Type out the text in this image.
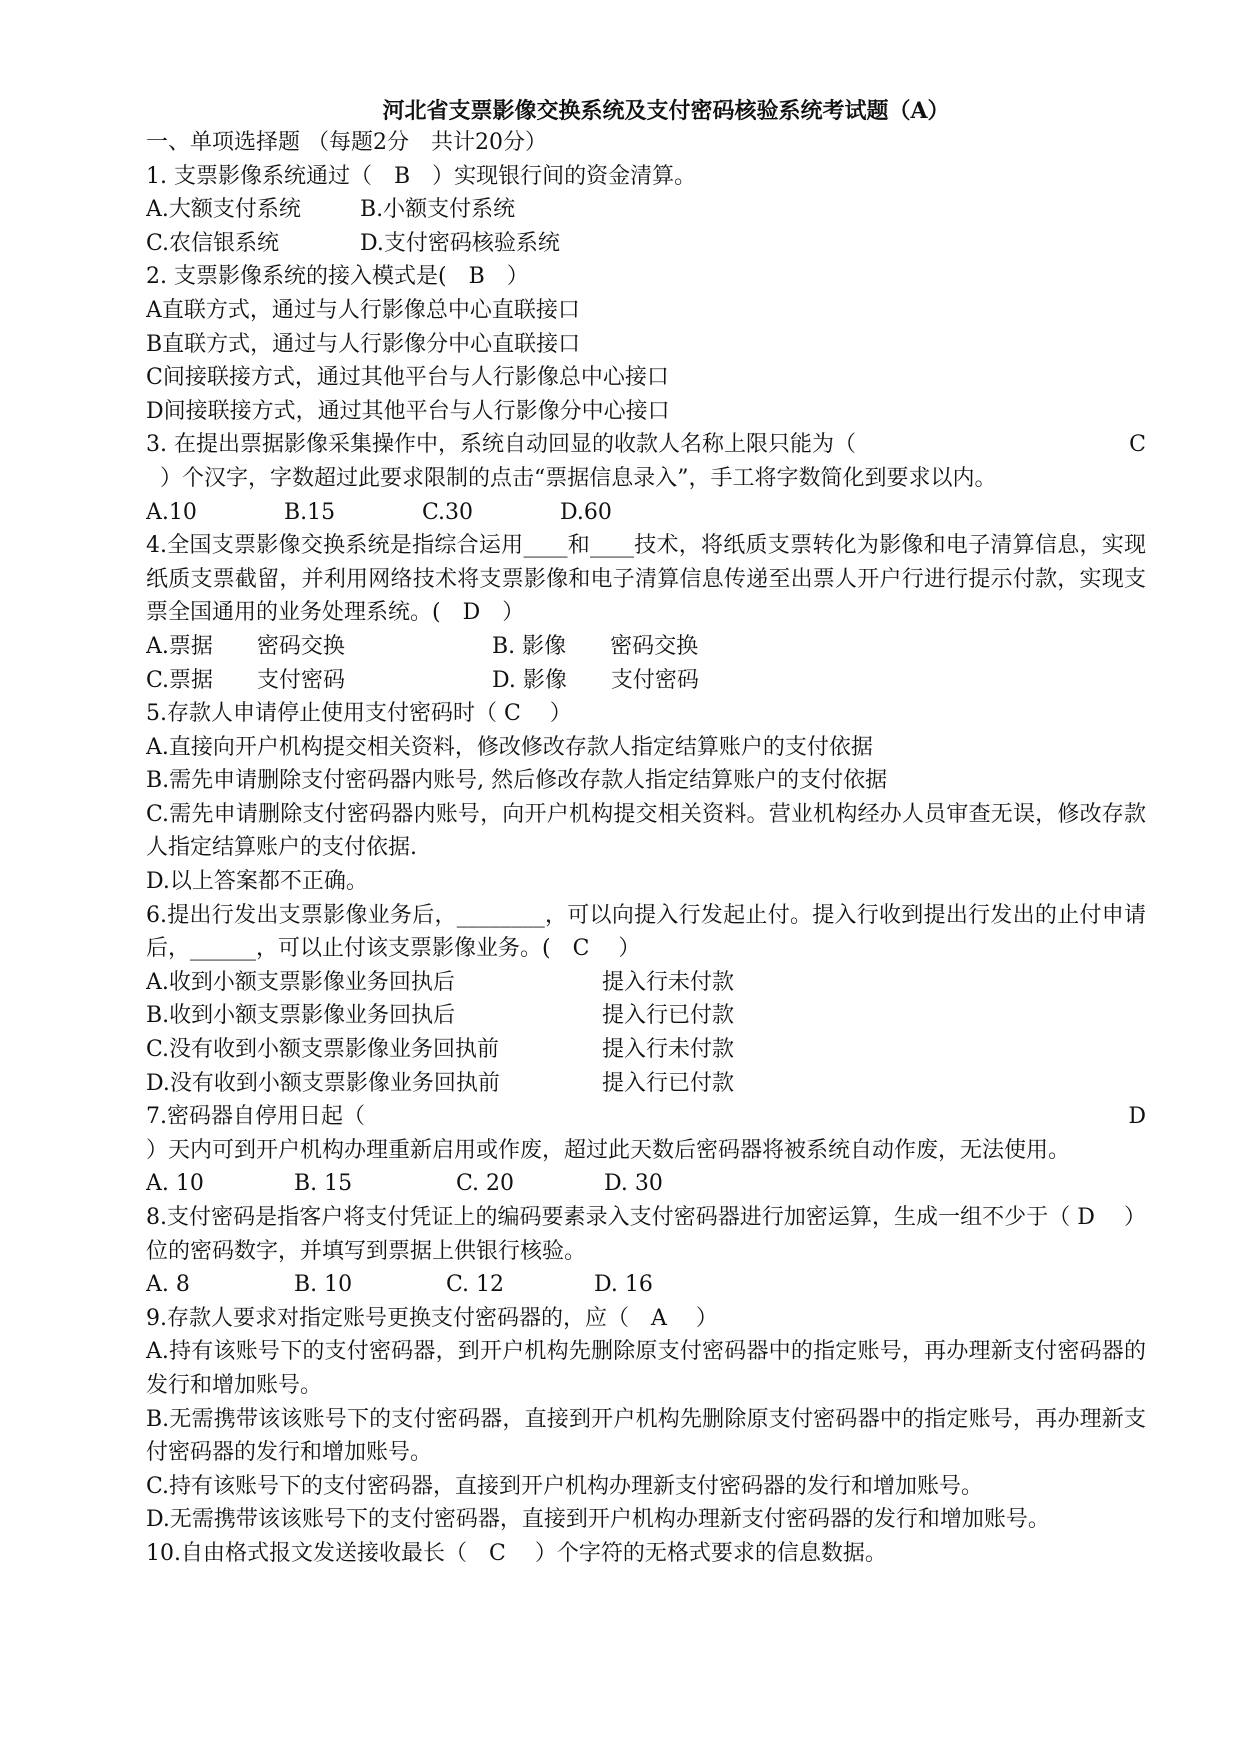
河北省支票影像交换系统及支付密码核验系统考试题（A）
一、单项选择题 （每题2分　共计20分）
1. 支票影像系统通过（　B　）实现银行间的资金清算。
A.大额支付系统	B.小额支付系统
C.农信银系统	D.支付密码核验系统
2. 支票影像系统的接入模式是(　B　）
A直联方式，通过与人行影像总中心直联接口
B直联方式，通过与人行影像分中心直联接口
C间接联接方式，通过其他平台与人行影像总中心接口
D间接联接方式，通过其他平台与人行影像分中心接口
3. 在提出票据影像采集操作中，系统自动回显的收款人名称上限只能为（	C
）个汉字，字数超过此要求限制的点击“票据信息录入”，手工将字数简化到要求以内。
A.10	B.15	C.30	D.60
4.全国支票影像交换系统是指综合运用____和____技术，将纸质支票转化为影像和电子清算信息，实现纸质支票截留，并利用网络技术将支票影像和电子清算信息传递至出票人开户行进行提示付款，实现支票全国通用的业务处理系统。(　D　）
A.票据　　密码交换	B. 影像　　密码交换
C.票据　　支付密码	D. 影像　　支付密码
5.存款人申请停止使用支付密码时（ C　 ）
A.直接向开户机构提交相关资料，修改修改存款人指定结算账户的支付依据
B.需先申请删除支付密码器内账号, 然后修改存款人指定结算账户的支付依据
C.需先申请删除支付密码器内账号，向开户机构提交相关资料。营业机构经办人员审查无误，修改存款人指定结算账户的支付依据.
D.以上答案都不正确。
6.提出行发出支票影像业务后，________，可以向提入行发起止付。提入行收到提出行发出的止付申请后，______，可以止付该支票影像业务。(　C　 ）
A.收到小额支票影像业务回执后	提入行未付款
B.收到小额支票影像业务回执后	提入行已付款
C.没有收到小额支票影像业务回执前	提入行未付款
D.没有收到小额支票影像业务回执前	提入行已付款
7.密码器自停用日起（	D
）天内可到开户机构办理重新启用或作废，超过此天数后密码器将被系统自动作废，无法使用。
A. 10	B. 15	C. 20	D. 30
8.支付密码是指客户将支付凭证上的编码要素录入支付密码器进行加密运算，生成一组不少于（ D　 ）位的密码数字，并填写到票据上供银行核验。
A. 8	B. 10	C. 12	D. 16
9.存款人要求对指定账号更换支付密码器的，应（　A　 ）
A.持有该账号下的支付密码器，到开户机构先删除原支付密码器中的指定账号，再办理新支付密码器的发行和增加账号。
B.无需携带该该账号下的支付密码器，直接到开户机构先删除原支付密码器中的指定账号，再办理新支付密码器的发行和增加账号。
C.持有该账号下的支付密码器，直接到开户机构办理新支付密码器的发行和增加账号。
D.无需携带该该账号下的支付密码器，直接到开户机构办理新支付密码器的发行和增加账号。
10.自由格式报文发送接收最长（　C　 ）个字符的无格式要求的信息数据。
